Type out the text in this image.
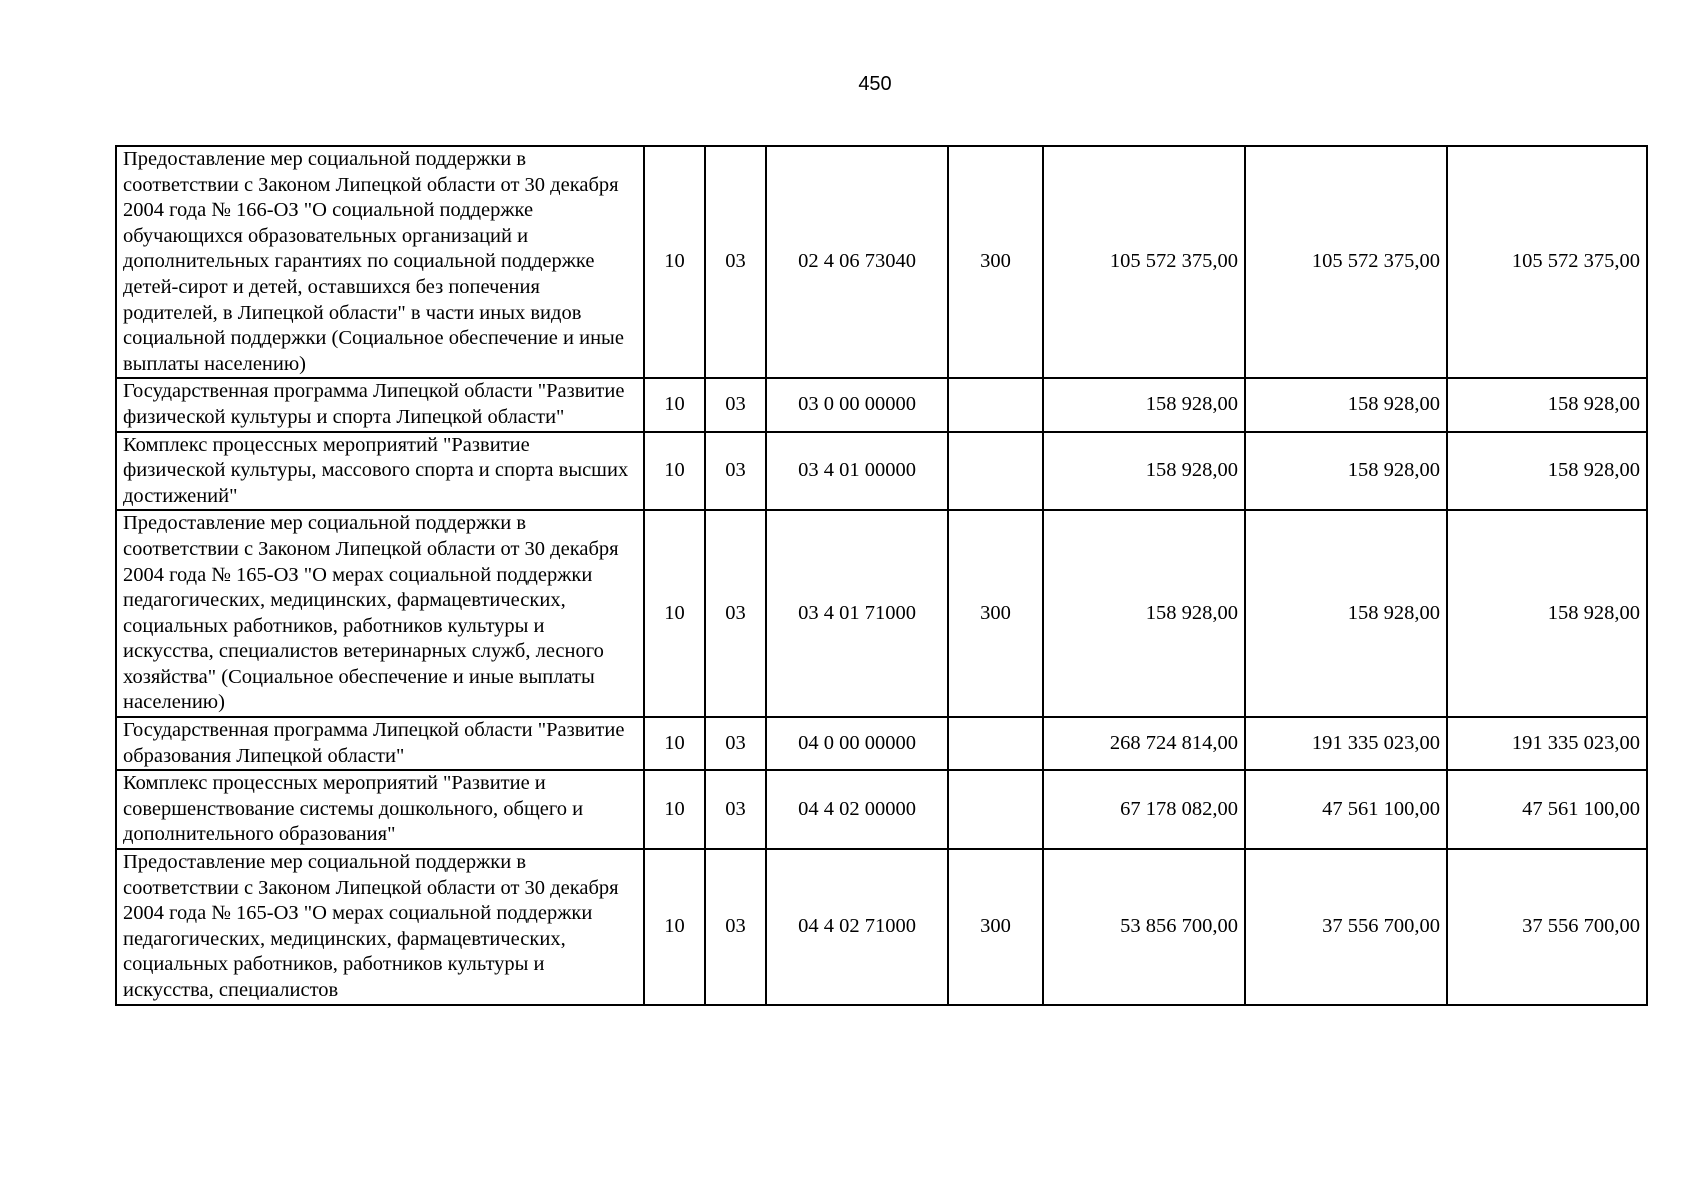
450
Предоставление мер социальной поддержки в соответствии с Законом Липецкой области от 30 декабря 2004 года № 166-ОЗ "О социальной поддержке обучающихся образовательных организаций и дополнительных гарантиях по социальной поддержке детей-сирот и детей, оставшихся без попечения родителей, в Липецкой области" в части иных видов социальной поддержки (Социальное обеспечение и иные выплаты населению)	10	03	02 4 06 73040	300	105 572 375,00	105 572 375,00	105 572 375,00
Государственная программа Липецкой области "Развитие физической культуры и спорта Липецкой области"	10	03	03 0 00 00000		158 928,00	158 928,00	158 928,00
Комплекс процессных мероприятий "Развитие физической культуры, массового спорта и спорта высших достижений"	10	03	03 4 01 00000		158 928,00	158 928,00	158 928,00
Предоставление мер социальной поддержки в соответствии с Законом Липецкой области от 30 декабря 2004 года № 165-ОЗ "О мерах социальной поддержки педагогических, медицинских, фармацевтических, социальных работников, работников культуры и искусства, специалистов ветеринарных служб, лесного хозяйства" (Социальное обеспечение и иные выплаты населению)	10	03	03 4 01 71000	300	158 928,00	158 928,00	158 928,00
Государственная программа Липецкой области "Развитие образования Липецкой области"	10	03	04 0 00 00000		268 724 814,00	191 335 023,00	191 335 023,00
Комплекс процессных мероприятий "Развитие и совершенствование системы дошкольного, общего и дополнительного образования"	10	03	04 4 02 00000		67 178 082,00	47 561 100,00	47 561 100,00
Предоставление мер социальной поддержки в соответствии с Законом Липецкой области от 30 декабря 2004 года № 165-ОЗ "О мерах социальной поддержки педагогических, медицинских, фармацевтических, социальных работников, работников культуры и искусства, специалистов	10	03	04 4 02 71000	300	53 856 700,00	37 556 700,00	37 556 700,00
